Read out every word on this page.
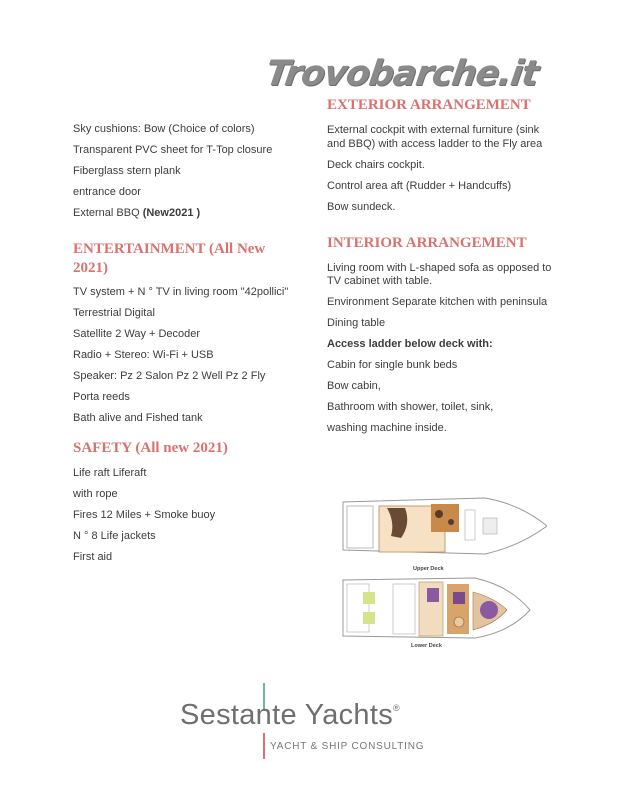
Trovobarche.it

Sky cushions: Bow (Choice of colors)

Transparent PVC sheet for T-Top closure

Fiberglass stern plank

entrance door

External BBQ (New2021 )

ENTERTAINMENT (All New 2021)

TV system + N ° TV in living room "42pollici"

Terrestrial Digital

Satellite 2 Way + Decoder

Radio + Stereo: Wi-Fi + USB

Speaker: Pz 2 Salon Pz 2 Well Pz 2 Fly

Porta reeds

Bath alive and Fished tank

SAFETY (All new 2021)

Life raft Liferaft

with rope

Fires 12 Miles + Smoke buoy

N ° 8 Life jackets

First aid

EXTERIOR ARRANGEMENT

External cockpit with external furniture (sink and BBQ) with access ladder to the Fly area

Deck chairs cockpit.

Control area aft (Rudder + Handcuffs)

Bow sundeck.

INTERIOR ARRANGEMENT

Living room with L-shaped sofa as opposed to TV cabinet with table.

Environment Separate kitchen with peninsula

Dining table

Access ladder below deck with:

Cabin for single bunk beds

Bow cabin,

Bathroom with shower, toilet, sink,

washing machine inside.

Upper Deck
Lower Deck
Sestante Yachts®
YACHT & SHIP CONSULTING
